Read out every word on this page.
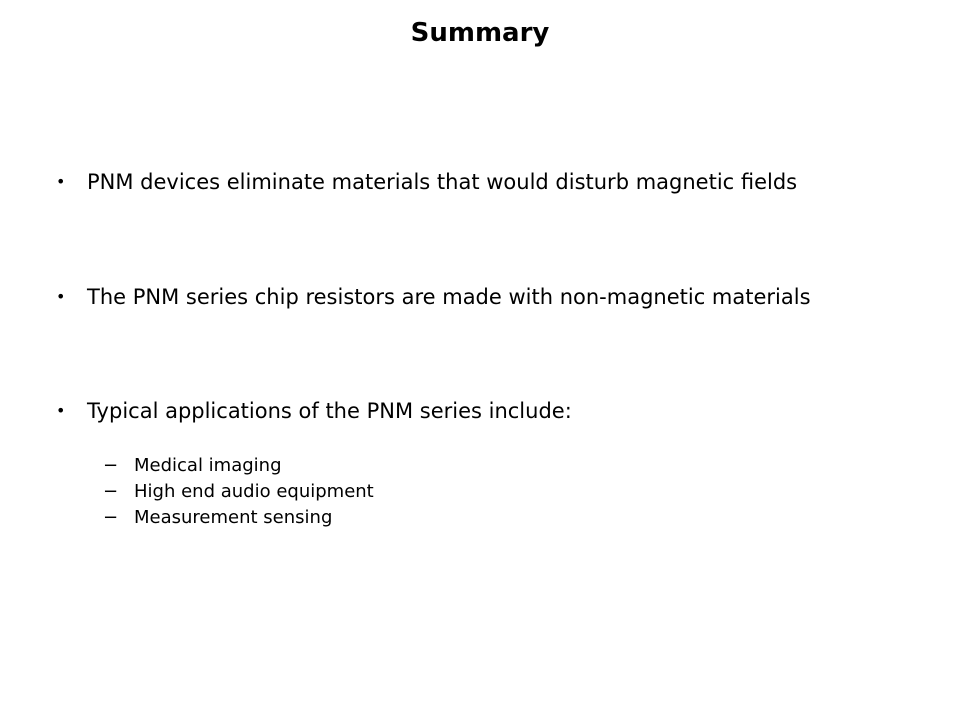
Summary
• PNM devices eliminate materials that would disturb magnetic fields
• The PNM series chip resistors are made with non-magnetic materials
• Typical applications of the PNM series include:
− Medical imaging
− High end audio equipment
− Measurement sensing
